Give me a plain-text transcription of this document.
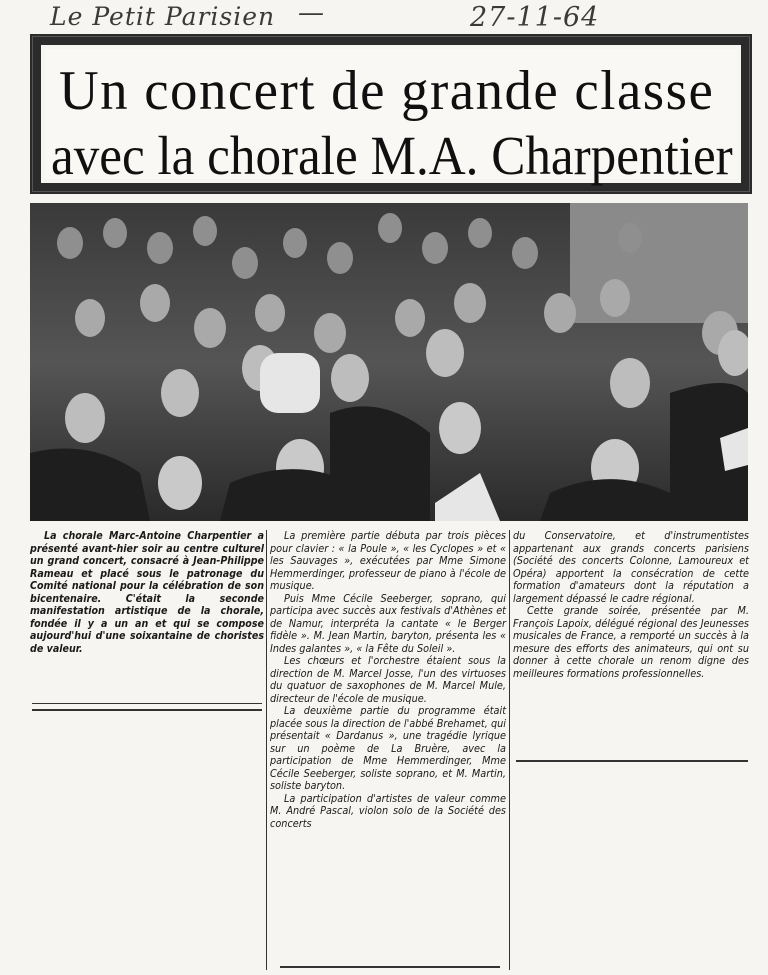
Le Petit Parisien —	27-11-64
Un concert de grande classe
avec la chorale M.A. Charpentier

La chorale Marc-Antoine Charpentier a présenté avant-hier soir au centre culturel un grand concert, consacré à Jean-Philippe Rameau et placé sous le patronage du Comité national pour la célébration de son bicentenaire. C'était la seconde manifestation artistique de la chorale, fondée il y a un an et qui se compose aujourd'hui d'une soixantaine de choristes de valeur.

La première partie débuta par trois pièces pour clavier : « la Poule », « les Cyclopes » et « les Sauvages », exécutées par Mme Simone Hemmerdinger, professeur de piano à l'école de musique.

Puis Mme Cécile Seeberger, soprano, qui participa avec succès aux festivals d'Athènes et de Namur, interpréta la cantate « le Berger fidèle ». M. Jean Martin, baryton, présenta les « Indes galantes », « la Fête du Soleil ».

Les chœurs et l'orchestre étaient sous la direction de M. Marcel Josse, l'un des virtuoses du quatuor de saxophones de M. Marcel Mule, directeur de l'école de musique.

La deuxième partie du programme était placée sous la direction de l'abbé Brehamet, qui présentait « Dardanus », une tragédie lyrique sur un poème de La Bruère, avec la participation de Mme Hemmerdinger, Mme Cécile Seeberger, soliste soprano, et M. Martin, soliste baryton.

La participation d'artistes de valeur comme M. André Pascal, violon solo de la Société des concerts

du Conservatoire, et d'instrumentistes appartenant aux grands concerts parisiens (Société des concerts Colonne, Lamoureux et Opéra) apportent la consécration de cette formation d'amateurs dont la réputation a largement dépassé le cadre régional.

Cette grande soirée, présentée par M. François Lapoix, délégué régional des Jeunesses musicales de France, a remporté un succès à la mesure des efforts des animateurs, qui ont su donner à cette chorale un renom digne des meilleures formations professionnelles.
